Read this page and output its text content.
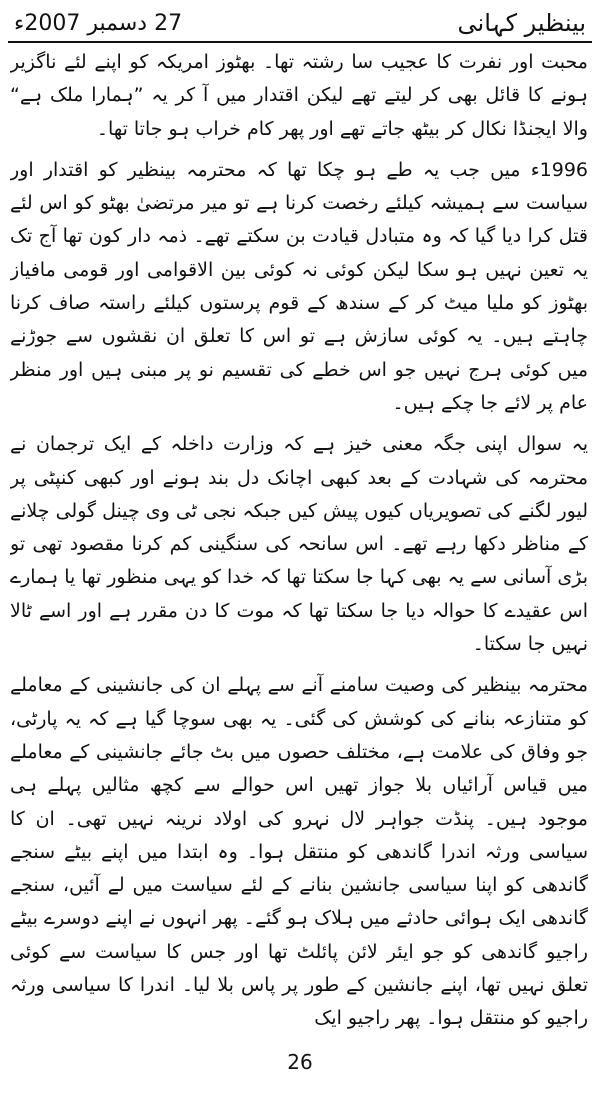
27 دسمبر 2007ء	بینظیر کہانی

محبت اور نفرت کا عجیب سا رشتہ تھا۔ بھٹوز امریکہ کو اپنے لئے ناگزیر ہونے کا قائل بھی کر لیتے تھے لیکن اقتدار میں آ کر یہ ”ہمارا ملک ہے“ والا ایجنڈا نکال کر بیٹھ جاتے تھے اور پھر کام خراب ہو جاتا تھا۔

1996ء میں جب یہ طے ہو چکا تھا کہ محترمہ بینظیر کو اقتدار اور سیاست سے ہمیشہ کیلئے رخصت کرنا ہے تو میر مرتضیٰ بھٹو کو اس لئے قتل کرا دیا گیا کہ وہ متبادل قیادت بن سکتے تھے۔ ذمہ دار کون تھا آج تک یہ تعین نہیں ہو سکا لیکن کوئی نہ کوئی بین الاقوامی اور قومی مافیاز بھٹوز کو ملیا میٹ کر کے سندھ کے قوم پرستوں کیلئے راستہ صاف کرنا چاہتے ہیں۔ یہ کوئی سازش ہے تو اس کا تعلق ان نقشوں سے جوڑنے میں کوئی ہرج نہیں جو اس خطے کی تقسیم نو پر مبنی ہیں اور منظر عام پر لائے جا چکے ہیں۔

یہ سوال اپنی جگہ معنی خیز ہے کہ وزارت داخلہ کے ایک ترجمان نے محترمہ کی شہادت کے بعد کبھی اچانک دل بند ہونے اور کبھی کنپٹی پر لیور لگنے کی تصویریاں کیوں پیش کیں جبکہ نجی ٹی وی چینل گولی چلانے کے مناظر دکھا رہے تھے۔ اس سانحہ کی سنگینی کم کرنا مقصود تھی تو بڑی آسانی سے یہ بھی کہا جا سکتا تھا کہ خدا کو یہی منظور تھا یا ہمارے اس عقیدے کا حوالہ دیا جا سکتا تھا کہ موت کا دن مقرر ہے اور اسے ٹالا نہیں جا سکتا۔

محترمہ بینظیر کی وصیت سامنے آنے سے پہلے ان کی جانشینی کے معاملے کو متنازعہ بنانے کی کوشش کی گئی۔ یہ بھی سوچا گیا ہے کہ یہ پارٹی، جو وفاق کی علامت ہے، مختلف حصوں میں بٹ جائے جانشینی کے معاملے میں قیاس آرائیاں بلا جواز تھیں اس حوالے سے کچھ مثالیں پہلے ہی موجود ہیں۔ پنڈت جواہر لال نہرو کی اولاد نرینہ نہیں تھی۔ ان کا سیاسی ورثہ اندرا گاندھی کو منتقل ہوا۔ وہ ابتدا میں اپنے بیٹے سنجے گاندھی کو اپنا سیاسی جانشین بنانے کے لئے سیاست میں لے آئیں، سنجے گاندھی ایک ہوائی حادثے میں ہلاک ہو گئے۔ پھر انہوں نے اپنے دوسرے بیٹے راجیو گاندھی کو جو ایئر لائن پائلٹ تھا اور جس کا سیاست سے کوئی تعلق نہیں تھا، اپنے جانشین کے طور پر پاس بلا لیا۔ اندرا کا سیاسی ورثہ راجیو کو منتقل ہوا۔ پھر راجیو ایک

26
